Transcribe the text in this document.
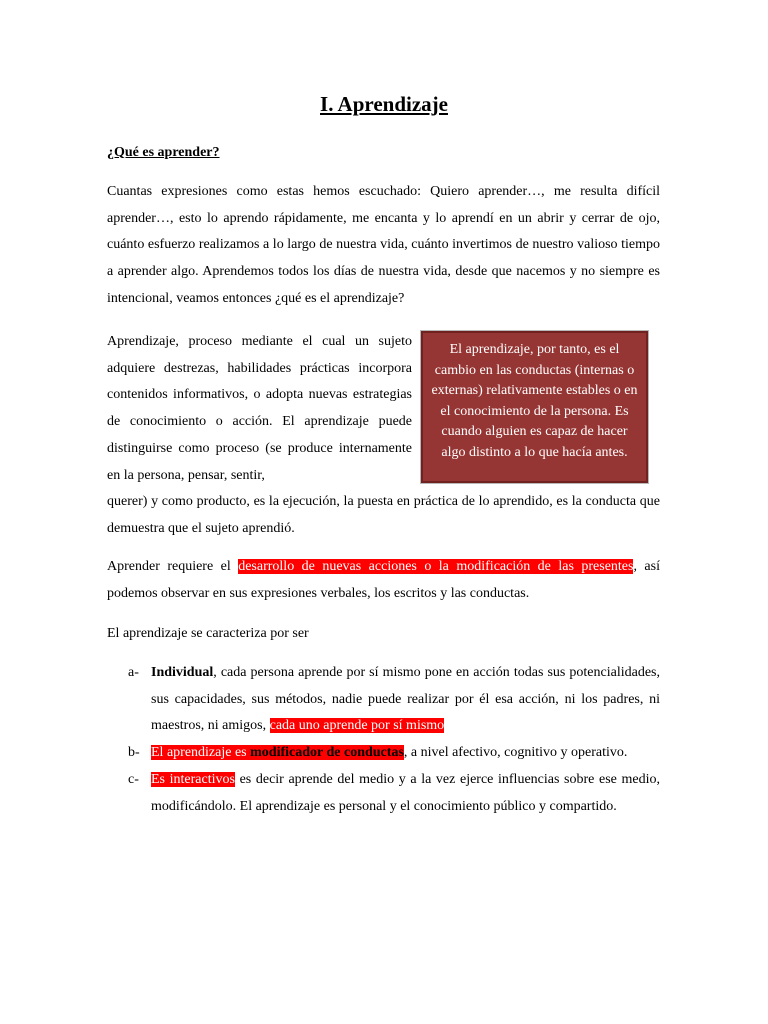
I. Aprendizaje
¿Qué es aprender?

Cuantas expresiones como estas hemos escuchado: Quiero aprender…, me resulta difícil aprender…, esto lo aprendo rápidamente, me encanta y lo aprendí en un abrir y cerrar de ojo, cuánto esfuerzo realizamos a lo largo de nuestra vida, cuánto invertimos de nuestro valioso tiempo a aprender algo. Aprendemos todos los días de nuestra vida, desde que nacemos y no siempre es intencional, veamos entonces ¿qué es el aprendizaje?

Aprendizaje, proceso mediante el cual un sujeto adquiere destrezas, habilidades prácticas incorpora contenidos informativos, o adopta nuevas estrategias de conocimiento o acción. El aprendizaje puede distinguirse como proceso (se produce internamente en la persona, pensar, sentir,
querer) y como producto, es la ejecución, la puesta en práctica de lo aprendido, es la conducta que demuestra que el sujeto aprendió.

El aprendizaje, por tanto, es el cambio en las conductas (internas o externas) relativamente estables o en el conocimiento de la persona. Es cuando alguien es capaz de hacer algo distinto a lo que hacía antes.

Aprender requiere el desarrollo de nuevas acciones o la modificación de las presentes, así podemos observar en sus expresiones verbales, los escritos y las conductas.

El aprendizaje se caracteriza por ser

a- Individual, cada persona aprende por sí mismo pone en acción todas sus potencialidades, sus capacidades, sus métodos, nadie puede realizar por él esa acción, ni los padres, ni maestros, ni amigos, cada uno aprende por sí mismo
b- El aprendizaje es modificador de conductas, a nivel afectivo, cognitivo y operativo.
c- Es interactivos es decir aprende del medio y a la vez ejerce influencias sobre ese medio, modificándolo. El aprendizaje es personal y el conocimiento público y compartido.
